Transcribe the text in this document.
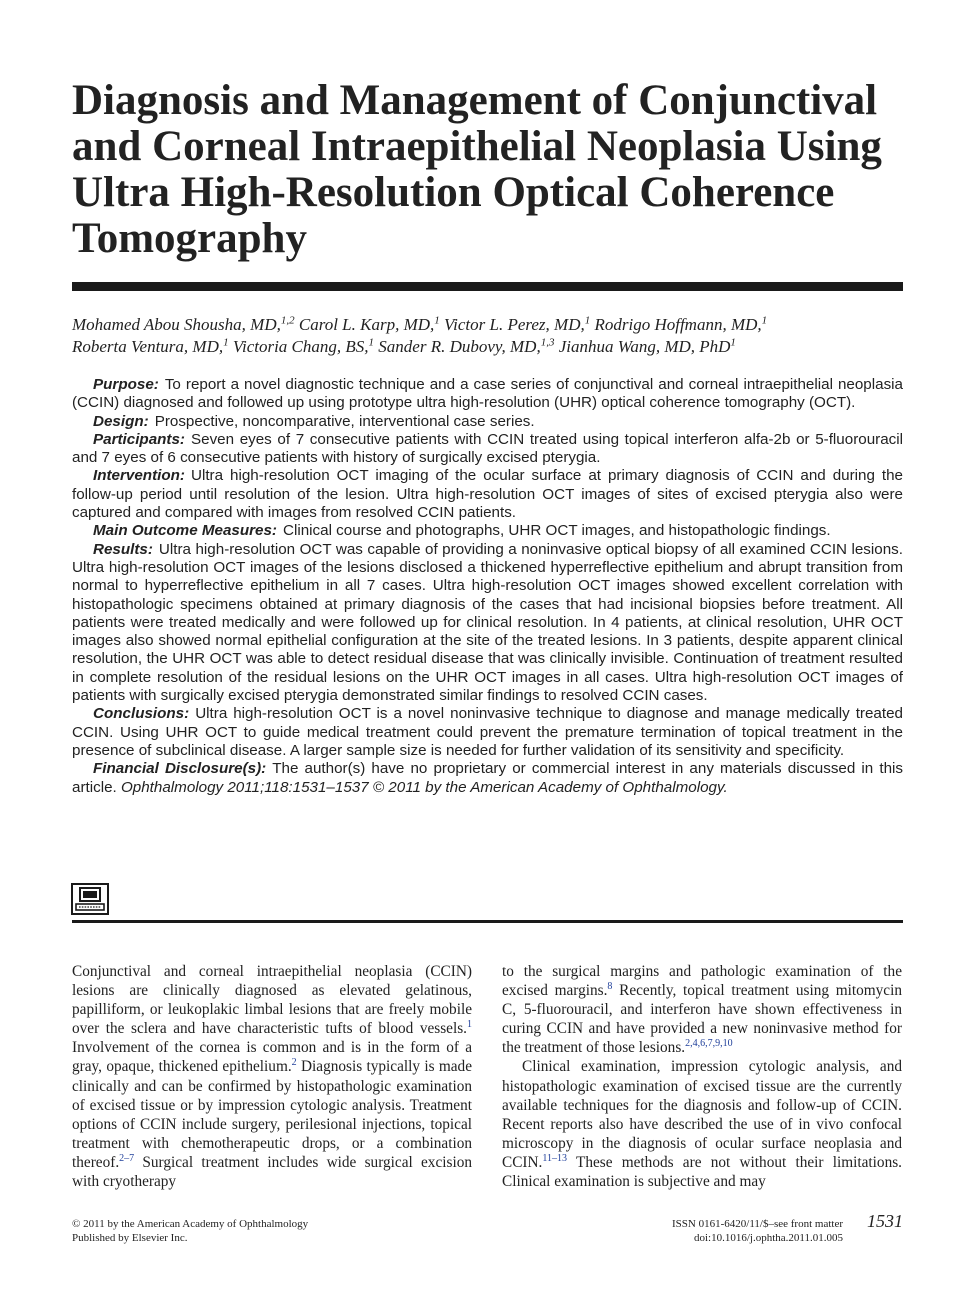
Diagnosis and Management of Conjunctival and Corneal Intraepithelial Neoplasia Using Ultra High-Resolution Optical Coherence Tomography
Mohamed Abou Shousha, MD,$^{1,2}$ Carol L. Karp, MD,$^1$ Victor L. Perez, MD,$^1$ Rodrigo Hoffmann, MD,$^1$
Roberta Ventura, MD,$^1$ Victoria Chang, BS,$^1$ Sander R. Dubovy, MD,$^{1,3}$ Jianhua Wang, MD, PhD$^1$

Purpose: To report a novel diagnostic technique and a case series of conjunctival and corneal intraepithelial neoplasia (CCIN) diagnosed and followed up using prototype ultra high-resolution (UHR) optical coherence tomography (OCT).

Design: Prospective, noncomparative, interventional case series.

Participants: Seven eyes of 7 consecutive patients with CCIN treated using topical interferon alfa-2b or 5-fluorouracil and 7 eyes of 6 consecutive patients with history of surgically excised pterygia.

Intervention: Ultra high-resolution OCT imaging of the ocular surface at primary diagnosis of CCIN and during the follow-up period until resolution of the lesion. Ultra high-resolution OCT images of sites of excised pterygia also were captured and compared with images from resolved CCIN patients.

Main Outcome Measures: Clinical course and photographs, UHR OCT images, and histopathologic findings.

Results: Ultra high-resolution OCT was capable of providing a noninvasive optical biopsy of all examined CCIN lesions. Ultra high-resolution OCT images of the lesions disclosed a thickened hyperreflective epithelium and abrupt transition from normal to hyperreflective epithelium in all 7 cases. Ultra high-resolution OCT images showed excellent correlation with histopathologic specimens obtained at primary diagnosis of the cases that had incisional biopsies before treatment. All patients were treated medically and were followed up for clinical resolution. In 4 patients, at clinical resolution, UHR OCT images also showed normal epithelial configuration at the site of the treated lesions. In 3 patients, despite apparent clinical resolution, the UHR OCT was able to detect residual disease that was clinically invisible. Continuation of treatment resulted in complete resolution of the residual lesions on the UHR OCT images in all cases. Ultra high-resolution OCT images of patients with surgically excised pterygia demonstrated similar findings to resolved CCIN cases.

Conclusions: Ultra high-resolution OCT is a novel noninvasive technique to diagnose and manage medically treated CCIN. Using UHR OCT to guide medical treatment could prevent the premature termination of topical treatment in the presence of subclinical disease. A larger sample size is needed for further validation of its sensitivity and specificity.

Financial Disclosure(s): The author(s) have no proprietary or commercial interest in any materials discussed in this article. Ophthalmology 2011;118:1531–1537 © 2011 by the American Academy of Ophthalmology.

Conjunctival and corneal intraepithelial neoplasia (CCIN) lesions are clinically diagnosed as elevated gelatinous, papilliform, or leukoplakic limbal lesions that are freely mobile over the sclera and have characteristic tufts of blood vessels.$^1$ Involvement of the cornea is common and is in the form of a gray, opaque, thickened epithelium.$^2$ Diagnosis typically is made clinically and can be confirmed by histopathologic examination of excised tissue or by impression cytologic analysis. Treatment options of CCIN include surgery, perilesional injections, topical treatment with chemotherapeutic drops, or a combination thereof.$^{2-7}$ Surgical treatment includes wide surgical excision with cryotherapy

to the surgical margins and pathologic examination of the excised margins.$^8$ Recently, topical treatment using mitomycin C, 5-fluorouracil, and interferon have shown effectiveness in curing CCIN and have provided a new noninvasive method for the treatment of those lesions.$^{2,4,6,7,9,10}$

Clinical examination, impression cytologic analysis, and histopathologic examination of excised tissue are the currently available techniques for the diagnosis and follow-up of CCIN. Recent reports also have described the use of in vivo confocal microscopy in the diagnosis of ocular surface neoplasia and CCIN.$^{11-13}$ These methods are not without their limitations. Clinical examination is subjective and may

© 2011 by the American Academy of Ophthalmology
Published by Elsevier Inc.
ISSN 0161-6420/11/$–see front matter
doi:10.1016/j.ophtha.2011.01.005
1531
